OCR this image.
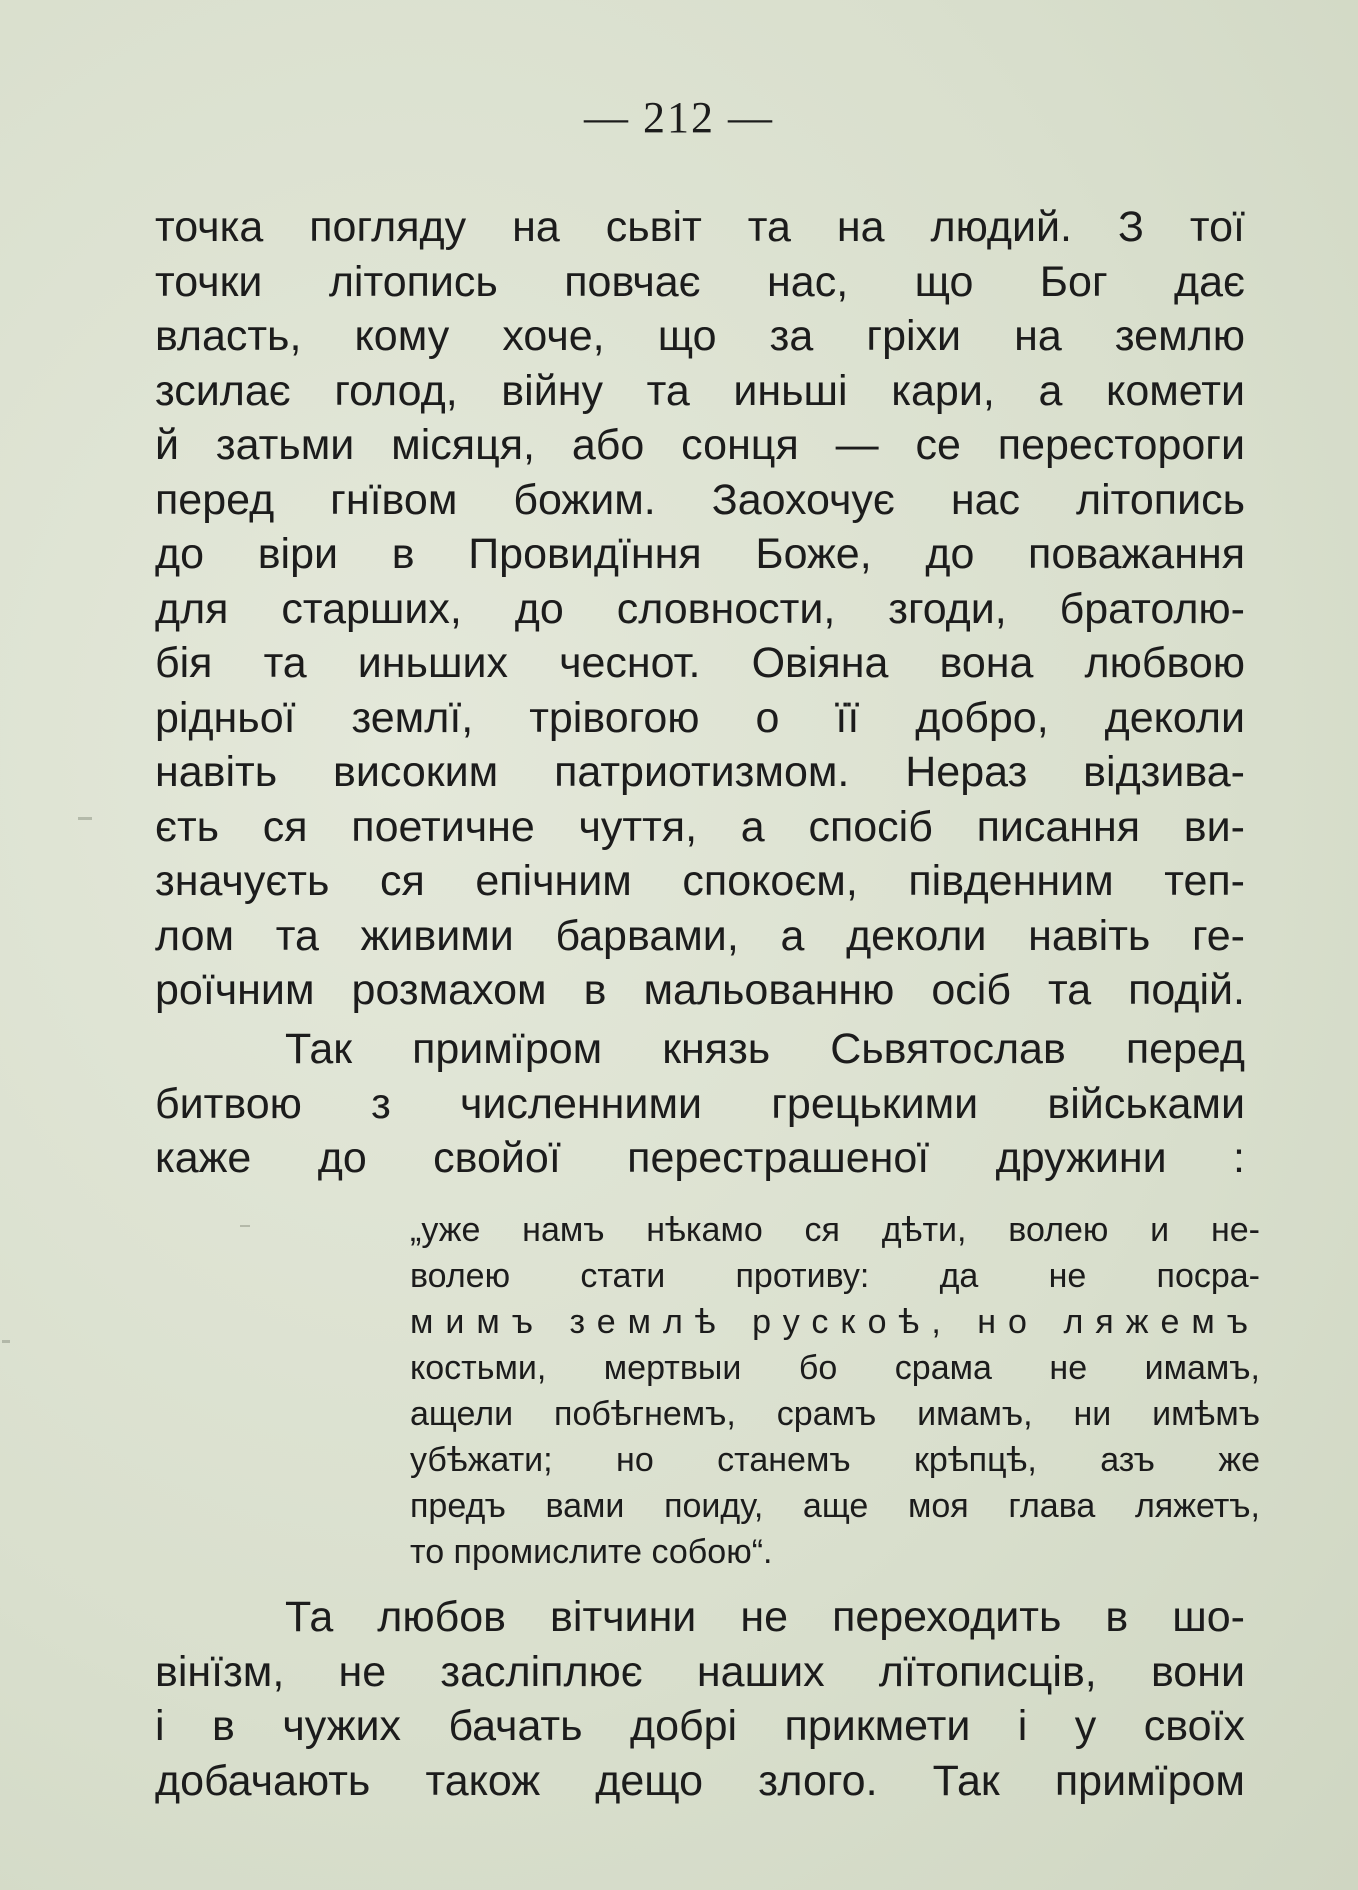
— 212 —
точка погляду на сьвіт та на людий. З тої
точки літопись повчає нас, що Бог дає
власть, кому хоче, що за гріхи на землю
зсилає голод, війну та иньші кари, а комети
й затьми місяця, або сонця — се перестороги
перед гнївом божим. Заохочує нас літопись
до віри в Провидїння Боже, до поважання
для старших, до словности, згоди, братолю-
бія та иньших чеснот. Овіяна вона любвою
рідньої землї, трівогою о її добро, деколи
навіть високим патриотизмом. Нераз відзива-
єть ся поетичне чуття, а спосіб писання ви-
значуєть ся епічним спокоєм, південним теп-
лом та живими барвами, а деколи навіть ге-
роїчним розмахом в мальованню осіб та подій.
Так примїром князь Сьвятослав перед
битвою з численними грецькими військами
каже до свойої перестрашеної дружини :
„уже намъ нѣкамо ся дѣти, волею и не-
волею стати противу: да не посра-
мимъ землѣ рускоѣ, но ляжемъ
костьми, мертвыи бо срама не имамъ,
ащели побѣгнемъ, срамъ имамъ, ни имѣмъ
убѣжати; но станемъ крѣпцѣ, азъ же
предъ вами поиду, аще моя глава ляжетъ,
то промислите собою“.
Та любов вітчини не переходить в шо-
вінїзм, не засліплює наших лїтописців, вони
і в чужих бачать добрі прикмети і у своїх
добачають також дещо злого. Так примїром
